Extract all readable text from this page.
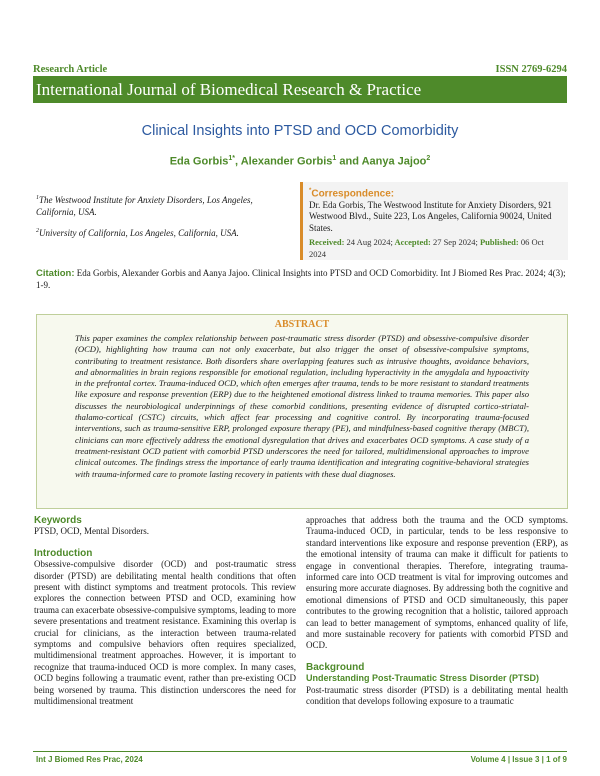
Research Article	ISSN 2769-6294
International Journal of Biomedical Research & Practice
Clinical Insights into PTSD and OCD Comorbidity
Eda Gorbis$^{1*}$, Alexander Gorbis$^1$ and Aanya Jajoo$^2$
$^1$The Westwood Institute for Anxiety Disorders, Los Angeles, California, USA.
$^2$University of California, Los Angeles, California, USA.
*Correspondence:
Dr. Eda Gorbis, The Westwood Institute for Anxiety Disorders, 921 Westwood Blvd., Suite 223, Los Angeles, California 90024, United States.
Received: 24 Aug 2024; Accepted: 27 Sep 2024; Published: 06 Oct 2024
Citation: Eda Gorbis, Alexander Gorbis and Aanya Jajoo. Clinical Insights into PTSD and OCD Comorbidity. Int J Biomed Res Prac. 2024; 4(3); 1-9.
ABSTRACT
This paper examines the complex relationship between post-traumatic stress disorder (PTSD) and obsessive-compulsive disorder (OCD), highlighting how trauma can not only exacerbate, but also trigger the onset of obsessive-compulsive symptoms, contributing to treatment resistance. Both disorders share overlapping features such as intrusive thoughts, avoidance behaviors, and abnormalities in brain regions responsible for emotional regulation, including hyperactivity in the amygdala and hypoactivity in the prefrontal cortex. Trauma-induced OCD, which often emerges after trauma, tends to be more resistant to standard treatments like exposure and response prevention (ERP) due to the heightened emotional distress linked to trauma memories. This paper also discusses the neurobiological underpinnings of these comorbid conditions, presenting evidence of disrupted cortico-striatal-thalamo-cortical (CSTC) circuits, which affect fear processing and cognitive control. By incorporating trauma-focused interventions, such as trauma-sensitive ERP, prolonged exposure therapy (PE), and mindfulness-based cognitive therapy (MBCT), clinicians can more effectively address the emotional dysregulation that drives and exacerbates OCD symptoms. A case study of a treatment-resistant OCD patient with comorbid PTSD underscores the need for tailored, multidimensional approaches to improve clinical outcomes. The findings stress the importance of early trauma identification and integrating cognitive-behavioral strategies with trauma-informed care to promote lasting recovery in patients with these dual diagnoses.
Keywords

PTSD, OCD, Mental Disorders.

Introduction

Obsessive-compulsive disorder (OCD) and post-traumatic stress disorder (PTSD) are debilitating mental health conditions that often present with distinct symptoms and treatment protocols. This review explores the connection between PTSD and OCD, examining how trauma can exacerbate obsessive-compulsive symptoms, leading to more severe presentations and treatment resistance. Examining this overlap is crucial for clinicians, as the interaction between trauma-related symptoms and compulsive behaviors often requires specialized, multidimensional treatment approaches. However, it is important to recognize that trauma-induced OCD is more complex. In many cases, OCD begins following a traumatic event, rather than pre-existing OCD being worsened by trauma. This distinction underscores the need for multidimensional treatment

approaches that address both the trauma and the OCD symptoms. Trauma-induced OCD, in particular, tends to be less responsive to standard interventions like exposure and response prevention (ERP), as the emotional intensity of trauma can make it difficult for patients to engage in conventional therapies. Therefore, integrating trauma-informed care into OCD treatment is vital for improving outcomes and ensuring more accurate diagnoses. By addressing both the cognitive and emotional dimensions of PTSD and OCD simultaneously, this paper contributes to the growing recognition that a holistic, tailored approach can lead to better management of symptoms, enhanced quality of life, and more sustainable recovery for patients with comorbid PTSD and OCD.

Background
Understanding Post-Traumatic Stress Disorder (PTSD)

Post-traumatic stress disorder (PTSD) is a debilitating mental health condition that develops following exposure to a traumatic

Int J Biomed Res Prac, 2024	Volume 4 | Issue 3 | 1 of 9
